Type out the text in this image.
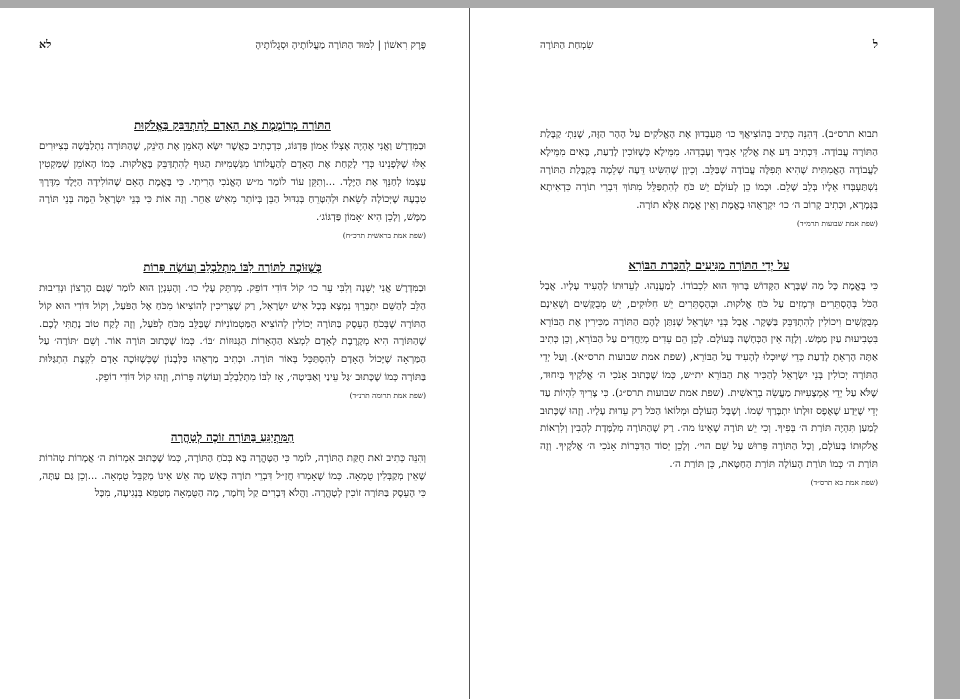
פֶּרֶק רִאשׁוֹן | לִמּוּד הַתּוֹרָה מַעֲלוֹתֶיהָ וּסְגֻלוֹתֶיהָ
לא
הַתּוֹרָה מְרוֹמֶמֶת אֶת הָאָדָם לְהִתְדַּבֵּק בָּאֱלֹקוּת

וּבַמִּדְרָשׁ וַאֲנִי אֶהְיֶה אֶצְלוֹ אָמוֹן פַּדְגּוֹג, כִּדְכְתִיב כַּאֲשֶׁר יִשָּׂא הָאֹמֵן אֶת הַיֹּנֵק, שֶׁהַתּוֹרָה נִתְלַבְּשָׁה בְּצִיּוּרִים אֵלּוּ שֶׁלְּפָנֵינוּ כְּדֵי לָקַחַת אֶת הָאָדָם לְהַעֲלוֹתוֹ מִגַּשְׁמִיּוּת הַגּוּף לְהִתְדַּבֵּק בָּאֱלֹקוּת. כְּמוֹ הָאוֹמֵן שֶׁמַּקְטִין עַצְמוֹ לְחַנֵּךְ אֶת הַיֶּלֶד. ...וְתִקֵּן עוֹד לוֹמַר מ״ש הָאֱנֹכִי הָרִיתִי. כִּי בֶּאֱמֶת הָאֵם שֶׁהוֹלִידָה הַיֶּלֶד מִדֶּרֶךְ טִבְעָהּ שֶׁיְּכוֹלָה לְשֵׂאת וּלְהִטָּרֵחַ בְּגִדּוּל הַבֵּן בְּיוֹתֵר מֵאִישׁ אַחֵר. וְזֶה אוֹת כִּי בְּנֵי יִשְׂרָאֵל הֵמָּה בְּנֵי תּוֹרָה מַמָּשׁ, וְלָכֵן הִיא ׳אָמוֹן פַּדְגּוֹג׳.

(שפת אמת בראשית תרכ״ח)
כְּשֶׁזּוֹכֶה לַתּוֹרָה לִבּוֹ מִתְלַבְלֵב וְעוֹשֶׂה פֵּרוֹת

וּבַמִּדְרָשׁ אֲנִי יְשֵׁנָה וְלִבִּי עֵר כו׳ קוֹל דּוֹדִי דוֹפֵק. מְרַתֵּק עָלַי כו׳. וְהָעִנְיָן הוּא לוֹמַר שֶׁגַּם הָרָצוֹן וּנְדִיבוּת הַלֵּב לְהַשֵּׁם יִתְבָּרֵךְ נִמְצָא בְּכָל אִישׁ יִשְׂרָאֵל, רַק שֶׁצְּרִיכִין לְהוֹצִיאוֹ מִכֹּחַ אֶל הַפֹּעַל, וְקוֹל דּוֹדִי הוּא קוֹל הַתּוֹרָה שֶׁבְּכֹחַ הָעֵסֶק בַּתּוֹרָה יְכוֹלִין לְהוֹצִיא הַמַּטְמוֹנִיּוֹת שֶׁבַּלֵּב מִכֹּחַ לְפֹעַל, וְזֶה לֶקַח טוֹב נָתַתִּי לָכֶם. שֶׁהַתּוֹרָה הִיא מְקָרֶבֶת לָאָדָם לִמְצֹא הַהֶאָרוֹת הַגְּנוּזוֹת ׳בּוֹ׳. כְּמוֹ שֶׁכָּתוּב תּוֹרָה אוֹר. וְשֵׁם ׳תּוֹרָה׳ עַל הַמַּרְאָה שֶׁיָּכוֹל הָאָדָם לְהִסְתַּכֵּל בְּאוֹר תּוֹרָה. וּכְתִיב מַרְאֵהוּ כַּלְּבָנוֹן שֶׁכְּשֶׁזּוֹכֶה אָדָם לִקְצָת הִתְגַּלּוּת בַּתּוֹרָה כְּמוֹ שֶׁכָּתוּב ׳גַּל עֵינַי וְאַבִּיטָה׳, אָז לִבּוֹ מִתְלַבְלֵב וְעוֹשֶׂה פֵּרוֹת, וְזֶהוּ קוֹל דּוֹדִי דוֹפֵק.

(שפת אמת תרומה תרנ״ד)
הַמִּתְיַגֵּעַ בַּתּוֹרָה זוֹכֶה לְטָהֳרָה

וְהִנֵּה כְּתִיב זֹאת חֻקַּת הַתּוֹרָה, לוֹמַר כִּי הַטָּהֳרָה בָּא בְּכֹחַ הַתּוֹרָה, כְּמוֹ שֶׁכָּתוּב אִמְרוֹת ה׳ אֲמָרוֹת טְהֹרוֹת שֶׁאֵין מְקַבְּלִין טֻמְאָה. כְּמוֹ שֶׁאָמְרוּ חֲזַ״ל דִּבְרֵי תוֹרָה כָּאֵשׁ מָה אֵשׁ אֵינוֹ מְקַבֵּל טֻמְאָה. ...וְכֵן גַּם עַתָּה, כִּי הָעֵסֶק בַּתּוֹרָה זוֹכִין לְטָהֳרָה. וַהֲלֹא דְּבָרִים קַל וָחֹמֶר, מָה הַטֻּמְאָה מְטַמֵּא בְּנְגִיעָה, מִכָּל

ל
שִׂמְחַת הַתּוֹרָה

תבוא תרס״ב). דְּהִנֵּה כְּתִיב בְּהוֹצִיאֲךָ כו׳ תַּעַבְדוּן אֶת הָאֱלֹקִים עַל הָהָר הַזֶּה, שֶׁנִּתְ׳ קַבָּלַת הַתּוֹרָה עֲבוֹדָה. דִּכְתִיב דַּע אֶת אֱלֹקֵי אָבִיךָ וְעָבְדֵהוּ. מִמֵּילָא כְּשֶׁזּוֹכִין לָדַעַת, בָּאִים מִמֵּילָא לַעֲבוֹדָה הָאֲמִתִּית שֶׁהִיא תְּפִלָּה עֲבוֹדָה שֶׁבַּלֵּב. וְכֵיוָן שֶׁהִשִּׂיגוּ דֵּעָה שְׁלֵמָה בְּקַבָּלַת הַתּוֹרָה נִשְׁתַּעְבְּדוּ אֵלָיו בְּלֵב שָׁלֵם. וּכְמוֹ כֵן לְעוֹלָם יֵשׁ כֹּחַ לְהִתְפַּלֵּל מִתּוֹךְ דִּבְרֵי תוֹרָה כִּדְאִיתָא בַּגְּמָרָא, וּכְתִיב קָרוֹב ה׳ כו׳ יִקְרָאֻהוּ בֶאֱמֶת וְאֵין אֱמֶת אֶלָּא תוֹרָה.

(שפת אמת שבועות תרמ״ד)
עַל יְדֵי הַתּוֹרָה מַגִּיעִים לְהַכָּרַת הַבּוֹרֵא

כִּי בֶּאֱמֶת כָּל מַה שֶּׁבָּרָא הַקָּדוֹשׁ בָּרוּךְ הוּא לִכְבוֹדוֹ. לְמַעֲנֵהוּ. לְעֵדוּתוֹ לְהָעִיד עָלָיו. אֲבָל הַכֹּל בְּהֶסְתֵּרִים וּרְמָזִים עַל כֹּחַ אֱלֹקוּת. וּבְהֶסְתֵּרִים יֵשׁ חִלּוּקִים, יֵשׁ מְבֻקָּשִׁים וְשֶׁאֵינָם מְבֻקָּשִׁים וִיכוֹלִין לְהִתְדַּבֵּק בַּשֶּׁקֶר. אֲבָל בְּנֵי יִשְׂרָאֵל שֶׁנִּתַּן לָהֶם הַתּוֹרָה מַכִּירִין אֶת הַבּוֹרֵא בִּטְבִיעוּת עַיִן מַמָּשׁ. וְלָזֶה אֵין הַכְּחָשָׁה בָּעוֹלָם. לָכֵן הֵם עֵדִים מְיַחֲדִים עַל הַבּוֹרֵא, וְכֵן כְּתִיב אַתָּה הָרְאֵתָ לָדַעַת כְּדֵי שֶׁיּוּכְלוּ לְהָעִיד עַל הַבּוֹרֵא, (שפת אמת שבועות תרס״א). וְעַל יְדֵי הַתּוֹרָה יְכוֹלִין בְּנֵי יִשְׂרָאֵל לְהַכִּיר אֶת הַבּוֹרֵא ית״ש, כְּמוֹ שֶׁכָּתוּב אָנֹכִי ה׳ אֱלֹקֶיךָ בְּיִחוּד, שֶׁלֹּא עַל יְדֵי אֶמְצָעִיּוּת מַעֲשֵׂה בְרֵאשִׁית. (שפת אמת שבועות תרס״ג). כִּי צָרִיךְ לִהְיוֹת עַד יְדֵי שֶׁיֵּדַע שֶׁאֶפֶס זוּלָתוֹ יִתְבָּרַךְ שְׁמוֹ. וְשֶׁבָּל הָעוֹלָם וּמְלוֹאוֹ הַכֹּל רַק עֵדוּת עָלָיו. וְזֶהוּ שֶׁכָּתוּב לְמַעַן תִּהְיֶה תּוֹרַת ה׳ בְּפִיךָ. וְכִי יֵשׁ תּוֹרָה שֶׁאֵינוֹ מה׳. רַק שֶׁהַתּוֹרָה מְלַמֶּדֶת לְהָבִין וְלִרְאוֹת אֱלֹקוּתוֹ בָּעוֹלָם, וְכָל הַתּוֹרָה פֵּרוּשׁ עַל שֵׁם הוי׳. וְלָכֵן יְסוֹד הַדִּבְּרוֹת אָנֹכִי ה׳ אֱלֹקֶיךָ. וְזֶה תּוֹרַת ה׳ כְּמוֹ תּוֹרַת הָעוֹלָה תּוֹרַת הַחַטָּאת, כֵּן תּוֹרַת ה׳.

(שפת אמת בא תרס״ד)
